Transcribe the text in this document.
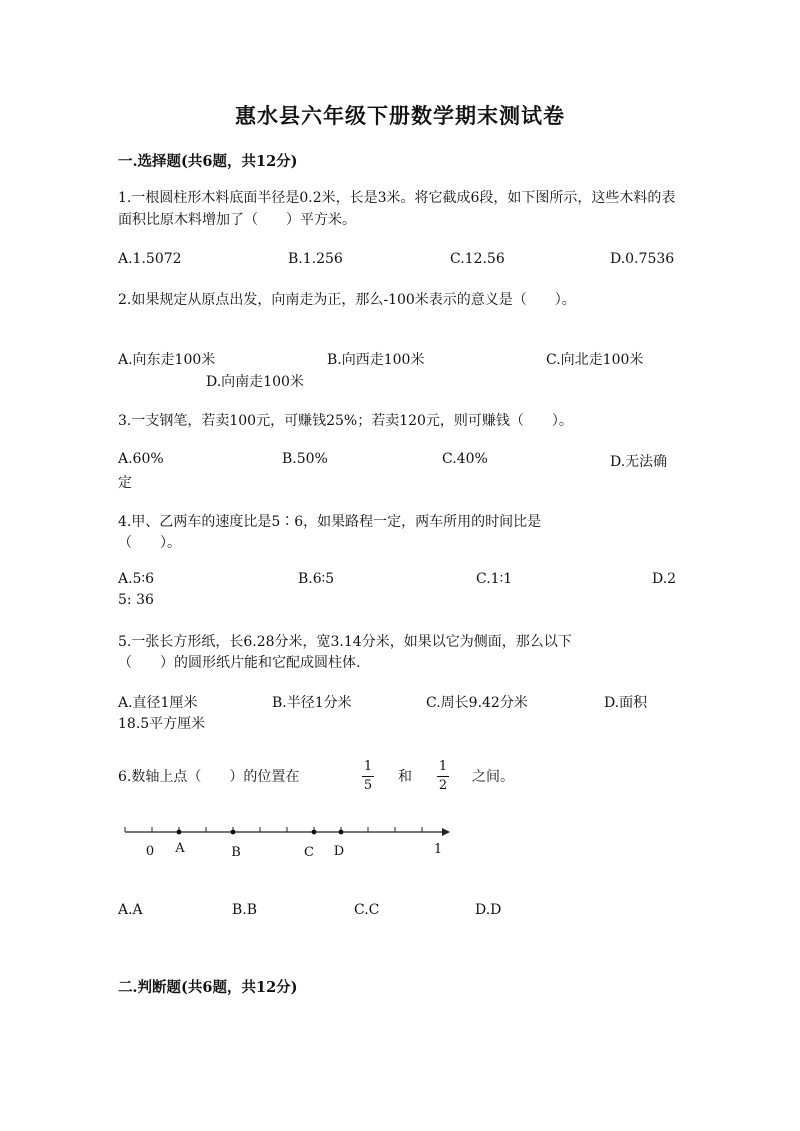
惠水县六年级下册数学期末测试卷
一.选择题(共6题，共12分)
1.一根圆柱形木料底面半径是0.2米，长是3米。将它截成6段，如下图所示，这些木料的表面积比原木料增加了（　　）平方米。
A.1.5072	B.1.256	C.12.56	D.0.7536
2.如果规定从原点出发，向南走为正，那么-100米表示的意义是（　　）。
A.向东走100米	B.向西走100米	C.向北走100米
D.向南走100米
3.一支钢笔，若卖100元，可赚钱25%；若卖120元，则可赚钱（　　）。
A.60%	B.50%	C.40%	D.无法确
定
4.甲、乙两车的速度比是5∶6，如果路程一定，两车所用的时间比是
（　　）。
A.5∶6	B.6∶5	C.1∶1	D.2
5: 36
5.一张长方形纸，长6.28分米，宽3.14分米，如果以它为侧面，那么以下
（　　）的圆形纸片能和它配成圆柱体.
A.直径1厘米	B.半径1分米	C.周长9.42分米	D.面积
18.5平方厘米
6.数轴上点（　　）的位置在
1
5
和
1
2
之间。
0 A	B	C D	1
A.A	B.B	C.C	D.D
二.判断题(共6题，共12分)
